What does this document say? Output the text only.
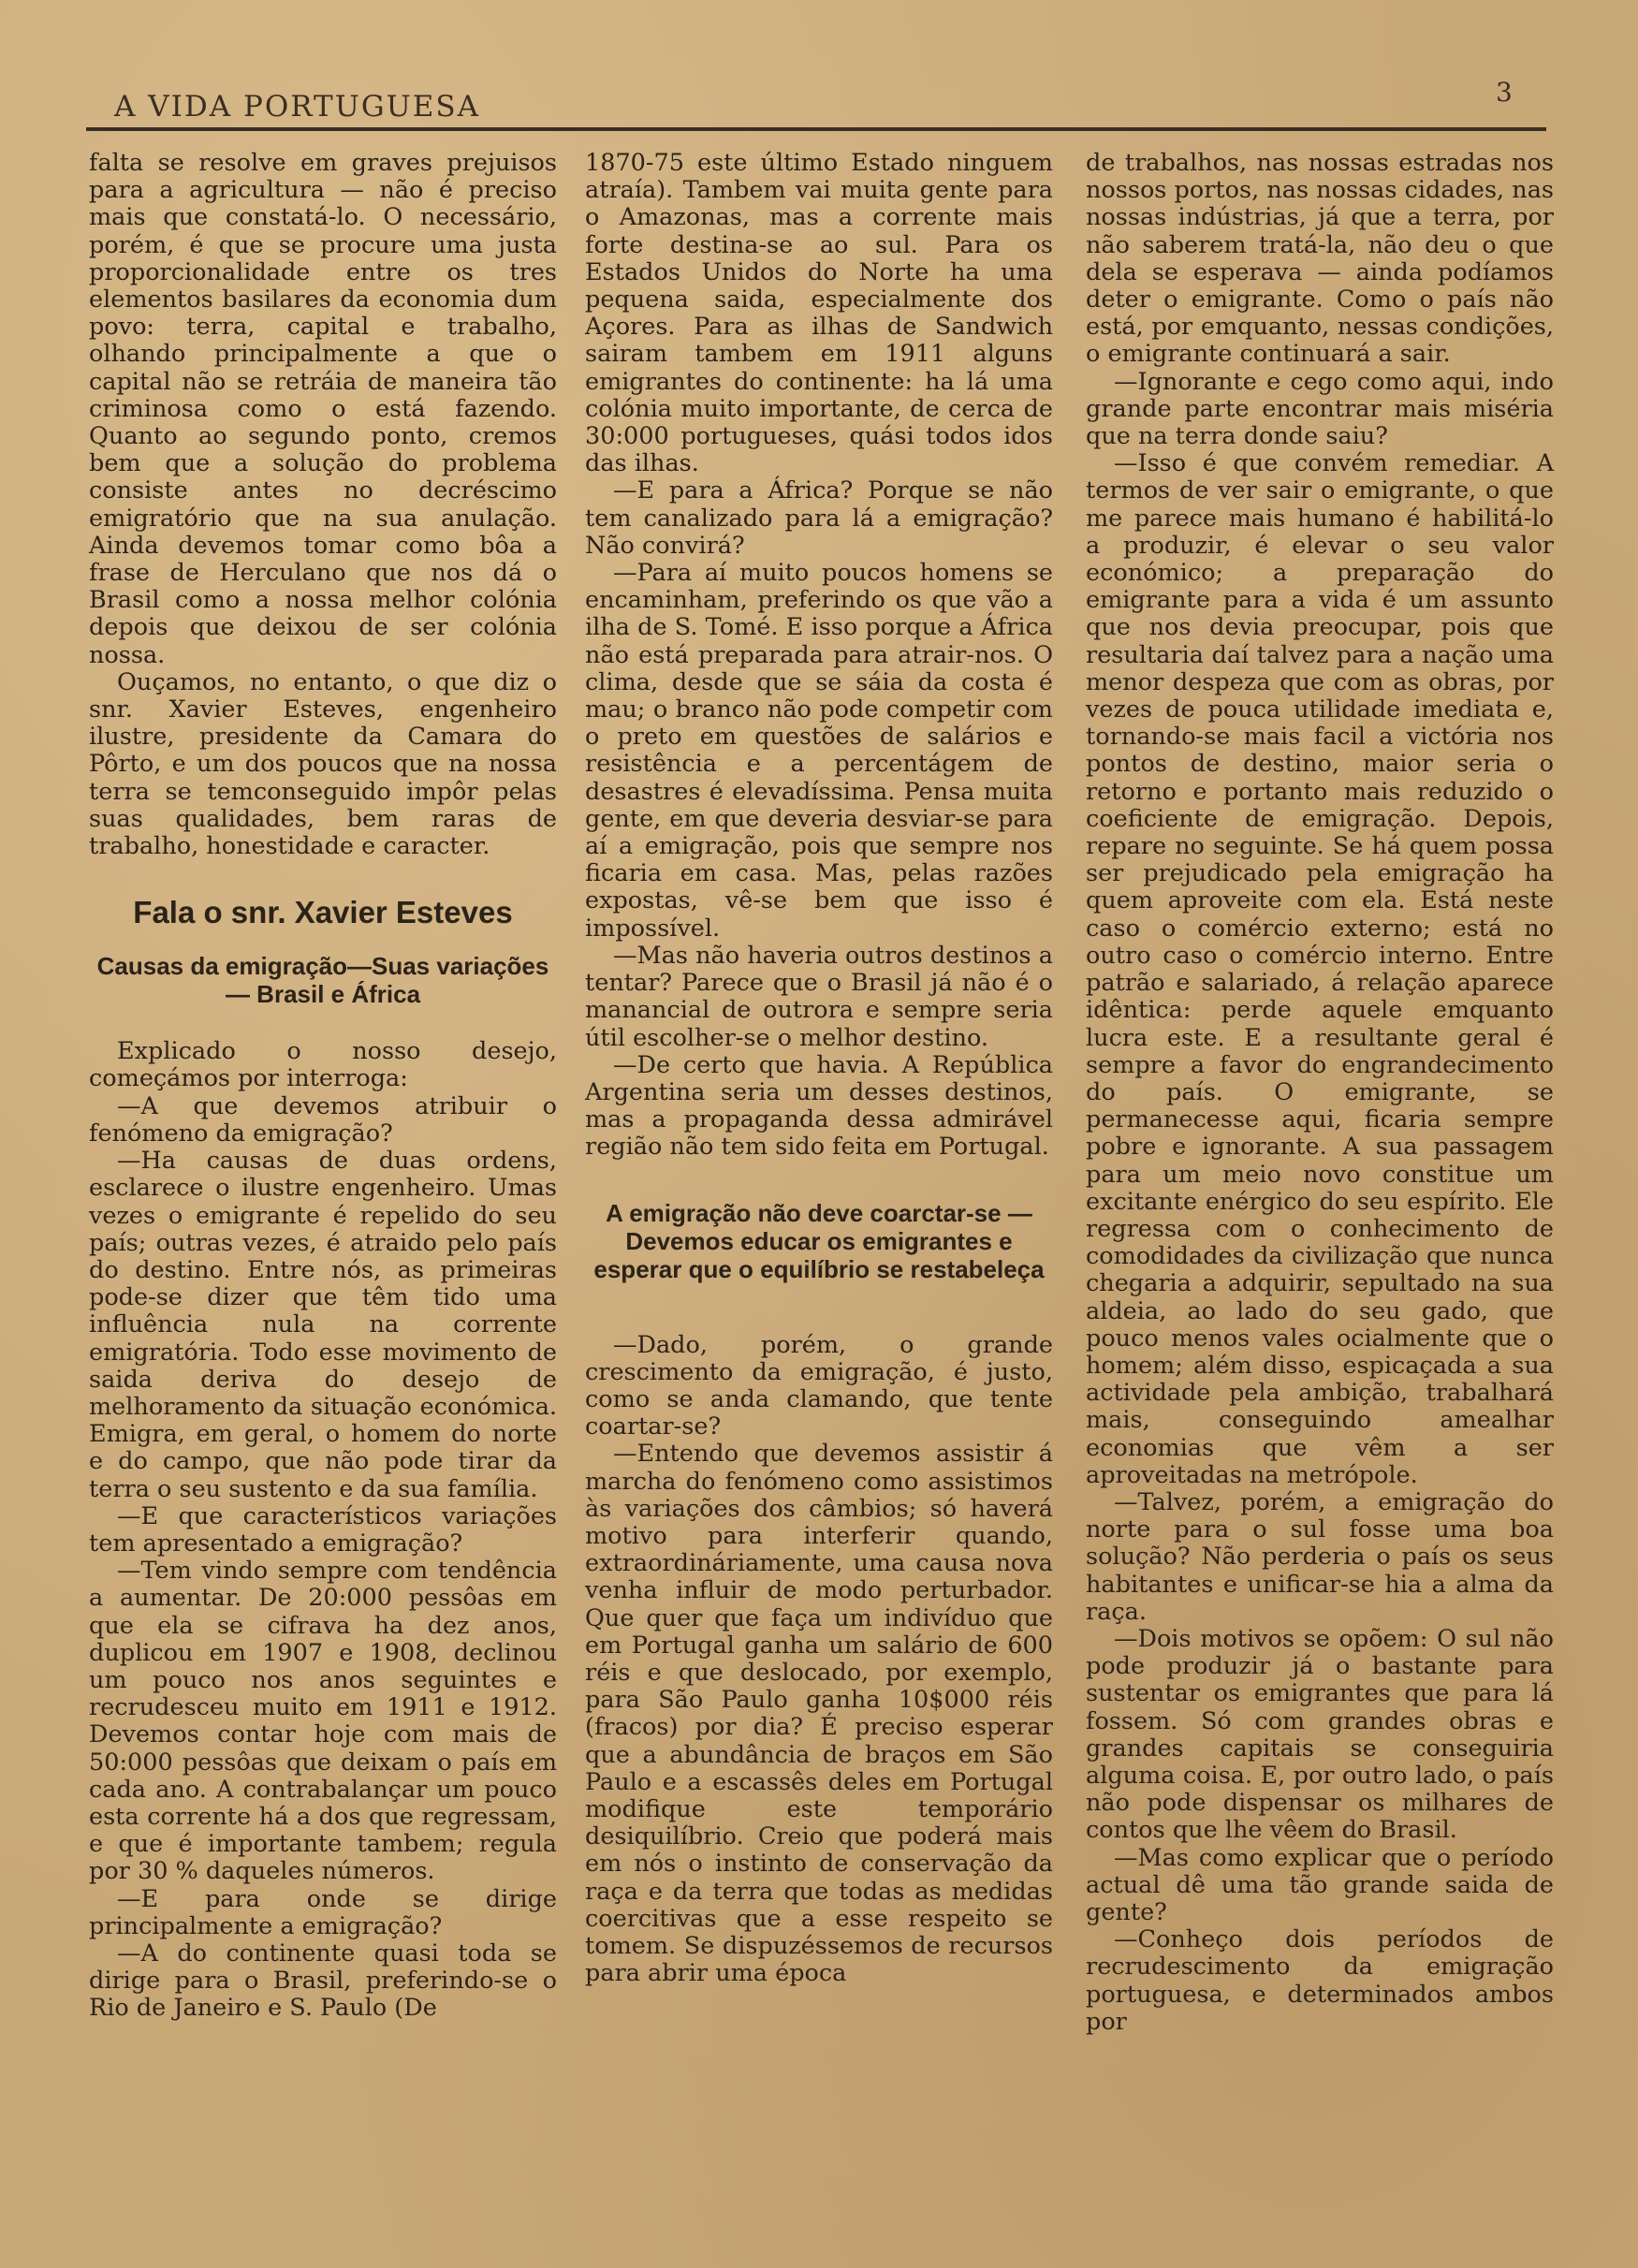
A VIDA PORTUGUESA	3

falta se resolve em graves prejuisos para a agricultura — não é preciso mais que constatá-lo. O necessário, porém, é que se procure uma justa proporcionalidade entre os tres elementos basilares da economia dum povo: terra, capital e trabalho, olhando principalmente a que o capital não se retráia de maneira tão criminosa como o está fazendo. Quanto ao segundo ponto, cremos bem que a solução do problema consiste antes no decréscimo emigratório que na sua anulação. Ainda devemos tomar como bôa a frase de Herculano que nos dá o Brasil como a nossa melhor colónia depois que deixou de ser colónia nossa.

Ouçamos, no entanto, o que diz o snr. Xavier Esteves, engenheiro ilustre, presidente da Camara do Pôrto, e um dos poucos que na nossa terra se temconseguido impôr pelas suas qualidades, bem raras de trabalho, honestidade e caracter.

Fala o snr. Xavier Esteves

Causas da emigração—Suas variações— Brasil e África

Explicado o nosso desejo, começámos por interroga:

—A que devemos atribuir o fenómeno da emigração?

—Ha causas de duas ordens, esclarece o ilustre engenheiro. Umas vezes o emigrante é repelido do seu país; outras vezes, é atraido pelo país do destino. Entre nós, as primeiras pode-se dizer que têm tido uma influência nula na corrente emigratória. Todo esse movimento de saida deriva do desejo de melhoramento da situação económica. Emigra, em geral, o homem do norte e do campo, que não pode tirar da terra o seu sustento e da sua família.

—E que característicos variações tem apresentado a emigração?

—Tem vindo sempre com tendência a aumentar. De 20:000 pessôas em que ela se cifrava ha dez anos, duplicou em 1907 e 1908, declinou um pouco nos anos seguintes e recrudesceu muito em 1911 e 1912. Devemos contar hoje com mais de 50:000 pessôas que deixam o país em cada ano. A contrabalançar um pouco esta corrente há a dos que regressam, e que é importante tambem; regula por 30 % daqueles números.

—E para onde se dirige principalmente a emigração?

—A do continente quasi toda se dirige para o Brasil, preferindo-se o Rio de Janeiro e S. Paulo (De

1870-75 este último Estado ninguem atraía). Tambem vai muita gente para o Amazonas, mas a corrente mais forte destina-se ao sul. Para os Estados Unidos do Norte ha uma pequena saida, especialmente dos Açores. Para as ilhas de Sandwich sairam tambem em 1911 alguns emigrantes do continente: ha lá uma colónia muito importante, de cerca de 30:000 portugueses, quási todos idos das ilhas.

—E para a África? Porque se não tem canalizado para lá a emigração? Não convirá?

—Para aí muito poucos homens se encaminham, preferindo os que vão a ilha de S. Tomé. E isso porque a África não está preparada para atrair-nos. O clima, desde que se sáia da costa é mau; o branco não pode competir com o preto em questões de salários e resistência e a percentágem de desastres é elevadíssima. Pensa muita gente, em que deveria desviar-se para aí a emigração, pois que sempre nos ficaria em casa. Mas, pelas razões expostas, vê-se bem que isso é impossível.

—Mas não haveria outros destinos a tentar? Parece que o Brasil já não é o manancial de outrora e sempre seria útil escolher-se o melhor destino.

—De certo que havia. A República Argentina seria um desses destinos, mas a propaganda dessa admirável região não tem sido feita em Portugal.

A emigração não deve coarctar-se —Devemos educar os emigrantes e esperar que o equilíbrio se restabeleça

—Dado, porém, o grande crescimento da emigração, é justo, como se anda clamando, que tente coartar-se?

—Entendo que devemos assistir á marcha do fenómeno como assistimos às variações dos câmbios; só haverá motivo para interferir quando, extraordináriamente, uma causa nova venha influir de modo perturbador. Que quer que faça um indivíduo que em Portugal ganha um salário de 600 réis e que deslocado, por exemplo, para São Paulo ganha 10$000 réis (fracos) por dia? É preciso esperar que a abundância de braços em São Paulo e a escassês deles em Portugal modifique este temporário desiquilíbrio. Creio que poderá mais em nós o instinto de conservação da raça e da terra que todas as medidas coercitivas que a esse respeito se tomem. Se dispuzéssemos de recursos para abrir uma época

de trabalhos, nas nossas estradas nos nossos portos, nas nossas cidades, nas nossas indústrias, já que a terra, por não saberem tratá-la, não deu o que dela se esperava — ainda podíamos deter o emigrante. Como o país não está, por emquanto, nessas condições, o emigrante continuará a sair.

—Ignorante e cego como aqui, indo grande parte encontrar mais miséria que na terra donde saiu?

—Isso é que convém remediar. A termos de ver sair o emigrante, o que me parece mais humano é habilitá-lo a produzir, é elevar o seu valor económico; a preparação do emigrante para a vida é um assunto que nos devia preocupar, pois que resultaria daí talvez para a nação uma menor despeza que com as obras, por vezes de pouca utilidade imediata e, tornando-se mais facil a victória nos pontos de destino, maior seria o retorno e portanto mais reduzido o coeficiente de emigração. Depois, repare no seguinte. Se há quem possa ser prejudicado pela emigração ha quem aproveite com ela. Está neste caso o comércio externo; está no outro caso o comércio interno. Entre patrão e salariado, á relação aparece idêntica: perde aquele emquanto lucra este. E a resultante geral é sempre a favor do engrandecimento do país. O emigrante, se permanecesse aqui, ficaria sempre pobre e ignorante. A sua passagem para um meio novo constitue um excitante enérgico do seu espírito. Ele regressa com o conhecimento de comodidades da civilização que nunca chegaria a adquirir, sepultado na sua aldeia, ao lado do seu gado, que pouco menos vales ocialmente que o homem; além disso, espicaçada a sua actividade pela ambição, trabalhará mais, conseguindo amealhar economias que vêm a ser aproveitadas na metrópole.

—Talvez, porém, a emigração do norte para o sul fosse uma boa solução? Não perderia o país os seus habitantes e unificar-se hia a alma da raça.

—Dois motivos se opõem: O sul não pode produzir já o bastante para sustentar os emigrantes que para lá fossem. Só com grandes obras e grandes capitais se conseguiria alguma coisa. E, por outro lado, o país não pode dispensar os milhares de contos que lhe vêem do Brasil.

—Mas como explicar que o período actual dê uma tão grande saida de gente?

—Conheço dois períodos de recrudescimento da emigração portuguesa, e determinados ambos por
